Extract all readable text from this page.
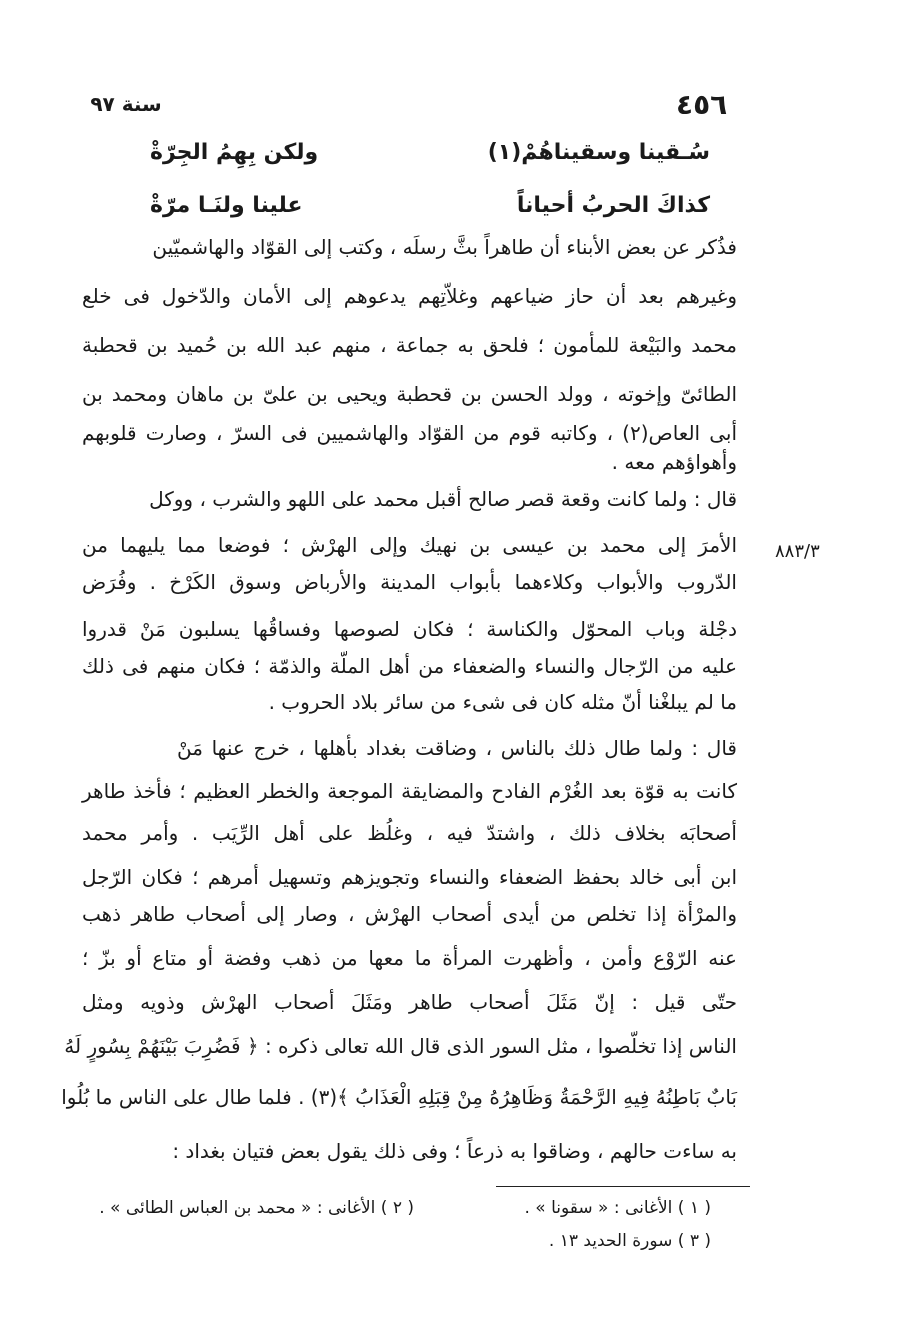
٤٥٦
سنة ٩٧
سُـقينا وسقيناهُمْ(١)
ولكن بِهِمُ الجِرّةْ
كذاكَ الحربُ أحياناً
علينا ولنَـا مرّةْ
٨٨٣/٣
فذُكر عن بعض الأبناء أن طاهراً بثَّ رسلَه ، وكتب إلى القوّاد والهاشميّين
وغيرهم بعد أن حاز ضياعهم وغلاّتِهم يدعوهم إلى الأمان والدّخول فى خلع
محمد والبَيْعة للمأمون ؛ فلحق به جماعة ، منهم عبد الله بن حُميد بن قحطبة
الطائىّ وإخوته ، وولد الحسن بن قحطبة ويحيى بن علىّ بن ماهان ومحمد بن
أبى العاص(٢) ، وكاتبه قوم من القوّاد والهاشميين فى السرّ ، وصارت قلوبهم
وأهواؤهم معه .
قال : ولما كانت وقعة قصر صالح أقبل محمد على اللهو والشرب ، ووكل
الأمرَ إلى محمد بن عيسى بن نهيك وإلى الهرْش ؛ فوضعا مما يليهما من
الدّروب والأبواب وكلاءهما بأبواب المدينة والأرباض وسوق الكَرْخ . وفُرَض
دجْلة وباب المحوّل والكناسة ؛ فكان لصوصها وفساقُها يسلبون مَنْ قدروا
عليه من الرّجال والنساء والضعفاء من أهل الملّة والذمّة ؛ فكان منهم فى ذلك
ما لم يبلغْنا أنّ مثله كان فى شىء من سائر بلاد الحروب .
قال : ولما طال ذلك بالناس ، وضاقت بغداد بأهلها ، خرج عنها مَنْ
كانت به قوّة بعد الغُرْم الفادح والمضايقة الموجعة والخطر العظيم ؛ فأخذ طاهر
أصحابَه بخلاف ذلك ، واشتدّ فيه ، وغلُظ على أهل الرِّيَب . وأمر محمد
ابن أبى خالد بحفظ الضعفاء والنساء وتجويزهم وتسهيل أمرهم ؛ فكان الرّجل
والمرْأة إذا تخلص من أيدى أصحاب الهرْش ، وصار إلى أصحاب طاهر ذهب
عنه الرّوْع وأمن ، وأظهرت المرأة ما معها من ذهب وفضة أو متاع أو بزّ ؛
حتّى قيل : إنّ مَثَلَ أصحاب طاهر ومَثَلَ أصحاب الهرْش وذويه ومثل
الناس إذا تخلّصوا ، مثل السور الذى قال الله تعالى ذكره : ﴿ فَضُرِبَ بَيْنَهُمْ بِسُورٍ لَهُ
بَابٌ بَاطِنُهُ فِيهِ الرَّحْمَةُ وَظَاهِرُهُ مِنْ قِبَلِهِ الْعَذَابُ ﴾(٣) . فلما طال على الناس ما بُلُوا
به ساءت حالهم ، وضاقوا به ذرعاً ؛ وفى ذلك يقول بعض فتيان بغداد :
( ١ ) الأغانى : « سقونا » .
( ٢ ) الأغانى : « محمد بن العباس الطائى » .
( ٣ ) سورة الحديد ١٣ .
